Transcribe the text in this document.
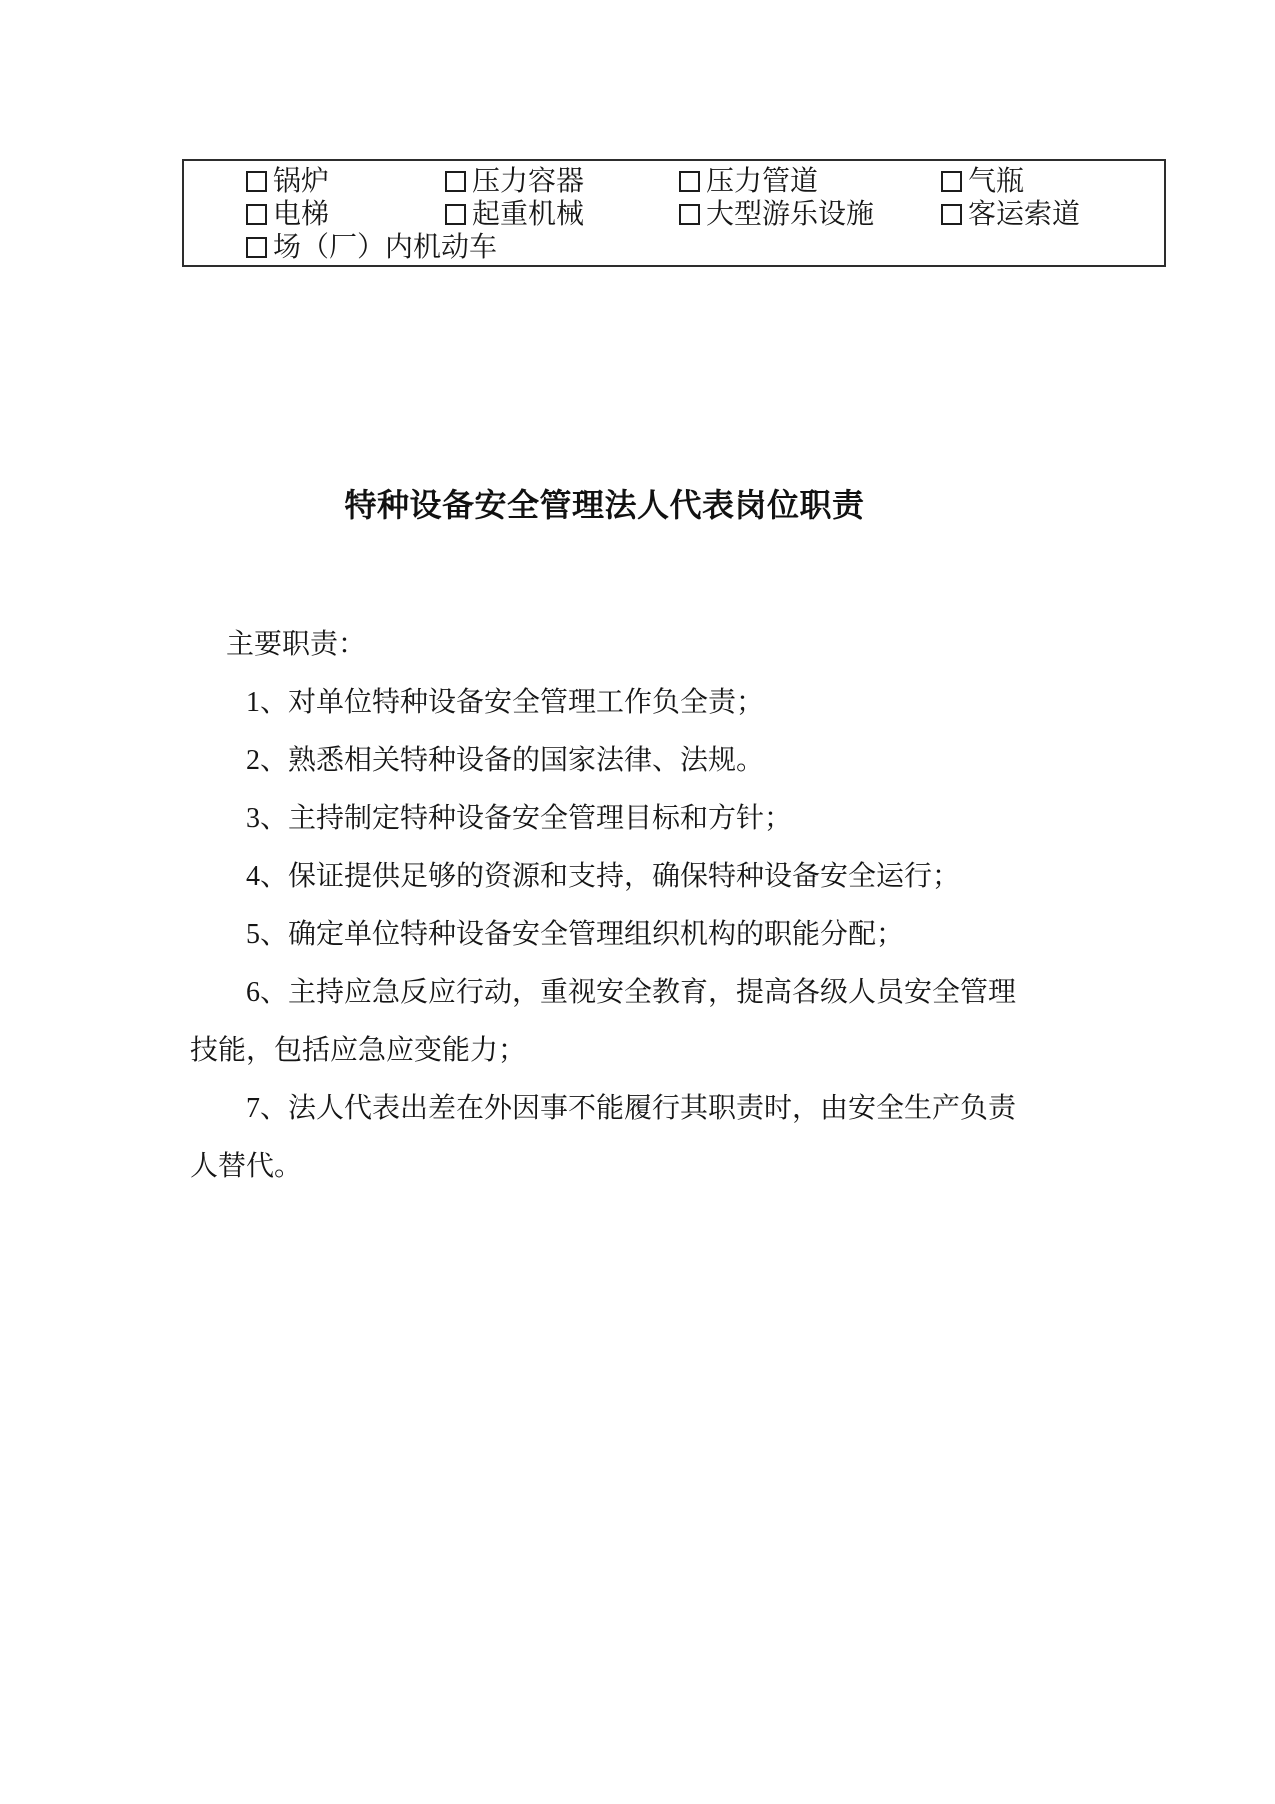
锅炉	压力容器	压力管道	气瓶
电梯	起重机械	大型游乐设施	客运索道
场（厂）内机动车
特种设备安全管理法人代表岗位职责
主要职责：
1、对单位特种设备安全管理工作负全责；
2、熟悉相关特种设备的国家法律、法规。
3、主持制定特种设备安全管理目标和方针；
4、保证提供足够的资源和支持，确保特种设备安全运行；
5、确定单位特种设备安全管理组织机构的职能分配；
6、主持应急反应行动，重视安全教育，提高各级人员安全管理
技能，包括应急应变能力；
7、法人代表出差在外因事不能履行其职责时，由安全生产负责
人替代。
